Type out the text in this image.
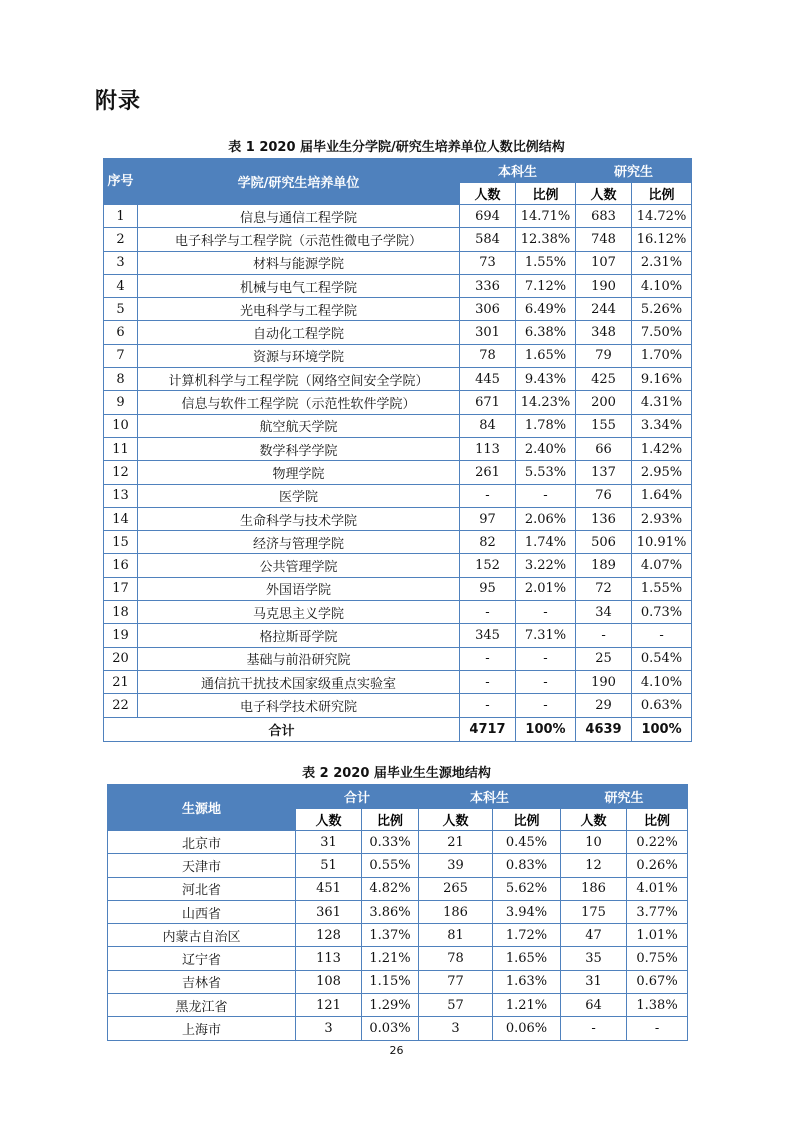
附录
表 1 2020 届毕业生分学院/研究生培养单位人数比例结构
序号	学院/研究生培养单位	本科生		研究生	
		人数	比例	人数	比例
1	信息与通信工程学院	694	14.71%	683	14.72%
2	电子科学与工程学院（示范性微电子学院）	584	12.38%	748	16.12%
3	材料与能源学院	73	1.55%	107	2.31%
4	机械与电气工程学院	336	7.12%	190	4.10%
5	光电科学与工程学院	306	6.49%	244	5.26%
6	自动化工程学院	301	6.38%	348	7.50%
7	资源与环境学院	78	1.65%	79	1.70%
8	计算机科学与工程学院（网络空间安全学院）	445	9.43%	425	9.16%
9	信息与软件工程学院（示范性软件学院）	671	14.23%	200	4.31%
10	航空航天学院	84	1.78%	155	3.34%
11	数学科学学院	113	2.40%	66	1.42%
12	物理学院	261	5.53%	137	2.95%
13	医学院	-	-	76	1.64%
14	生命科学与技术学院	97	2.06%	136	2.93%
15	经济与管理学院	82	1.74%	506	10.91%
16	公共管理学院	152	3.22%	189	4.07%
17	外国语学院	95	2.01%	72	1.55%
18	马克思主义学院	-	-	34	0.73%
19	格拉斯哥学院	345	7.31%	-	-
20	基础与前沿研究院	-	-	25	0.54%
21	通信抗干扰技术国家级重点实验室	-	-	190	4.10%
22	电子科学技术研究院	-	-	29	0.63%
合计		4717	100%	4639	100%
表 2 2020 届毕业生生源地结构
生源地	合计		本科生		研究生	
	人数	比例	人数	比例	人数	比例
北京市	31	0.33%	21	0.45%	10	0.22%
天津市	51	0.55%	39	0.83%	12	0.26%
河北省	451	4.82%	265	5.62%	186	4.01%
山西省	361	3.86%	186	3.94%	175	3.77%
内蒙古自治区	128	1.37%	81	1.72%	47	1.01%
辽宁省	113	1.21%	78	1.65%	35	0.75%
吉林省	108	1.15%	77	1.63%	31	0.67%
黑龙江省	121	1.29%	57	1.21%	64	1.38%
上海市	3	0.03%	3	0.06%	-	-
26
